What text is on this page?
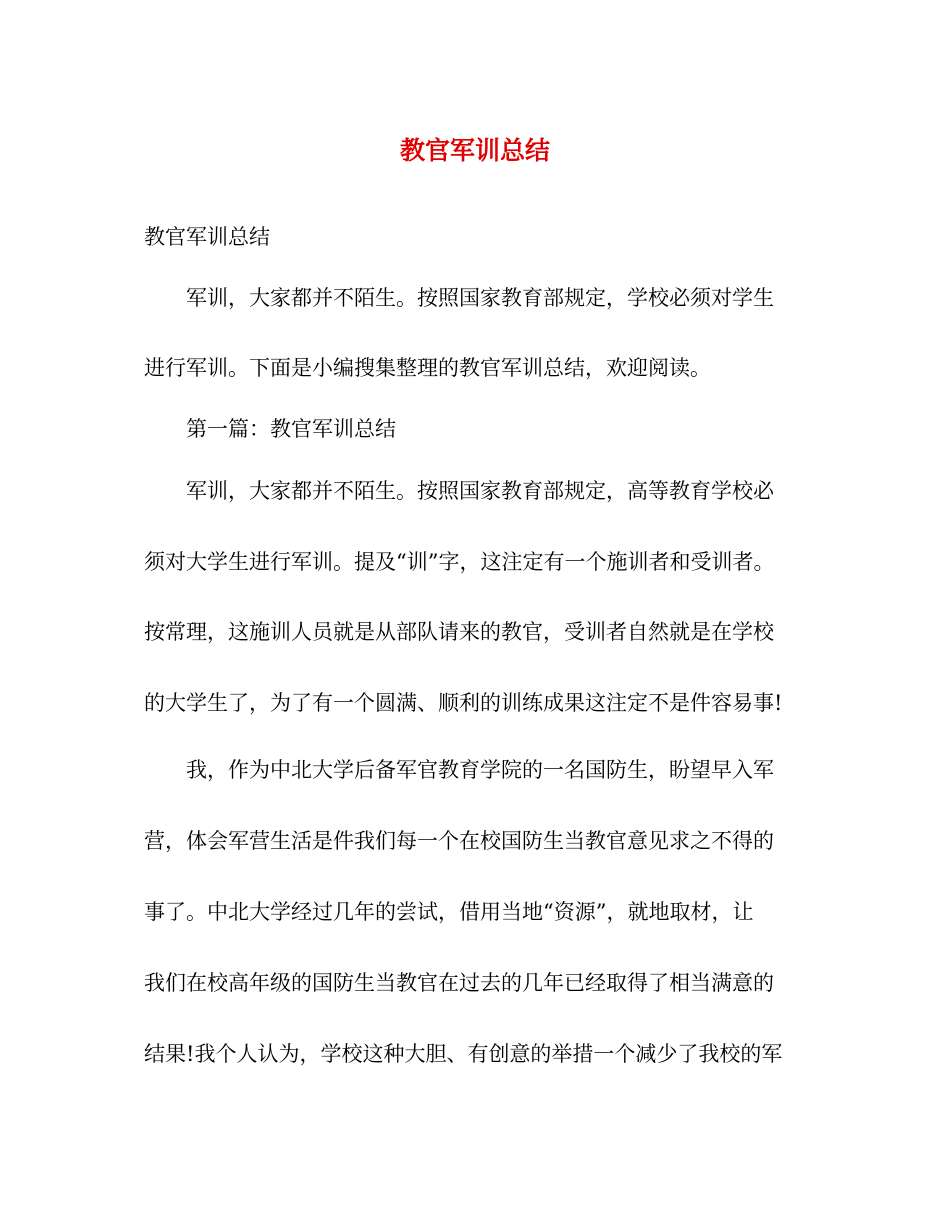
教官军训总结

教官军训总结

军训，大家都并不陌生。按照国家教育部规定，学校必须对学生

进行军训。下面是小编搜集整理的教官军训总结，欢迎阅读。

第一篇：教官军训总结

军训，大家都并不陌生。按照国家教育部规定，高等教育学校必

须对大学生进行军训。提及“训”字，这注定有一个施训者和受训者。

按常理，这施训人员就是从部队请来的教官，受训者自然就是在学校

的大学生了，为了有一个圆满、顺利的训练成果这注定不是件容易事!

我，作为中北大学后备军官教育学院的一名国防生，盼望早入军

营，体会军营生活是件我们每一个在校国防生当教官意见求之不得的

事了。中北大学经过几年的尝试，借用当地“资源”，就地取材，让

我们在校高年级的国防生当教官在过去的几年已经取得了相当满意的

结果!我个人认为，学校这种大胆、有创意的举措一个减少了我校的军
